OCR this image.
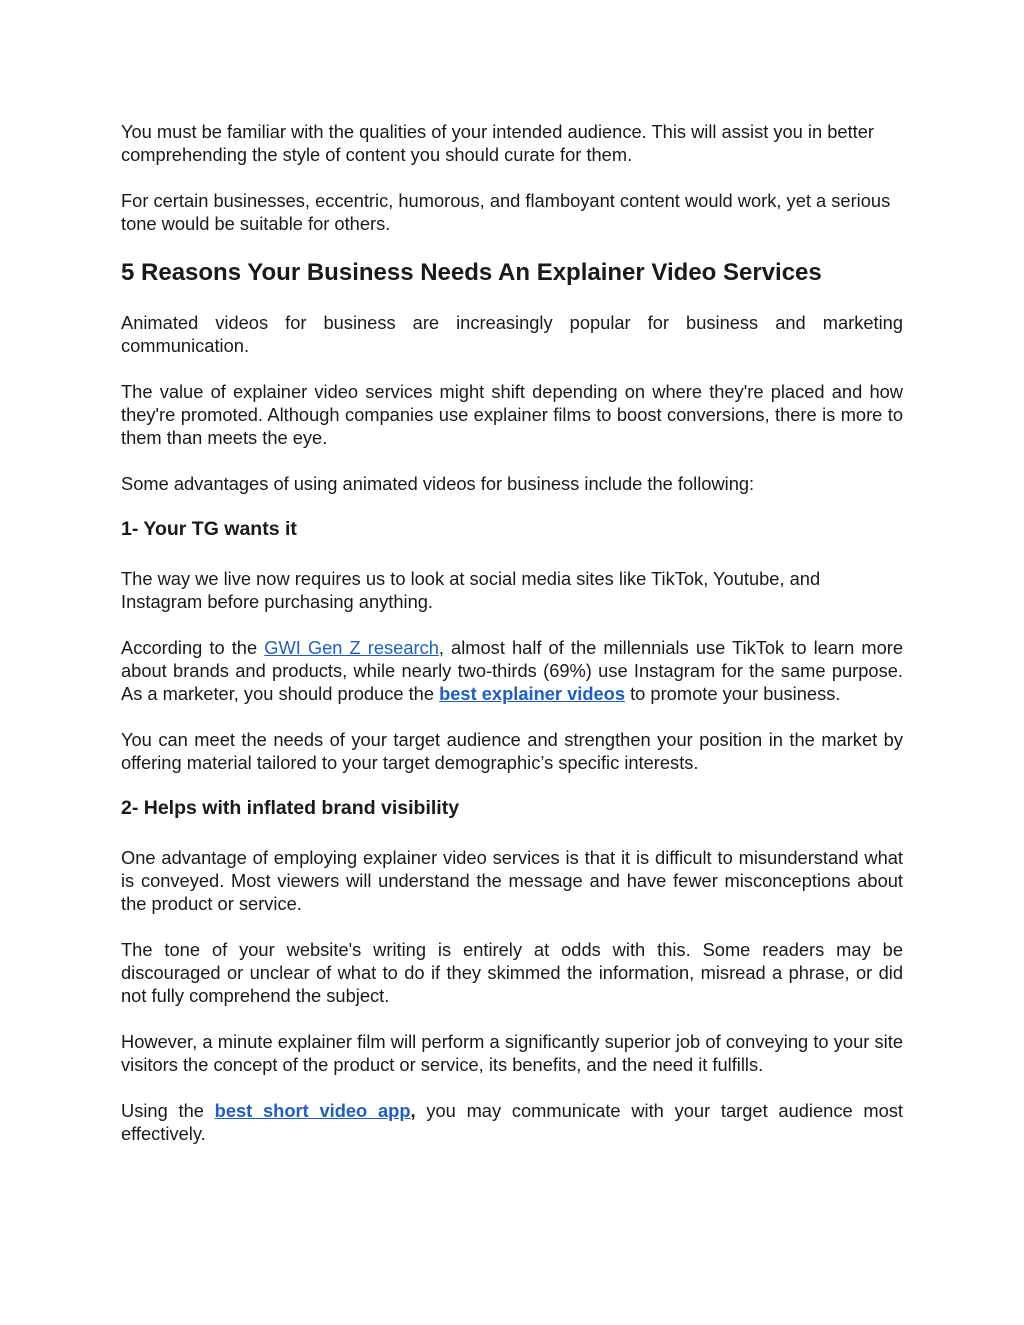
You must be familiar with the qualities of your intended audience. This will assist you in better comprehending the style of content you should curate for them.

For certain businesses, eccentric, humorous, and flamboyant content would work, yet a serious tone would be suitable for others.

5 Reasons Your Business Needs An Explainer Video Services

Animated videos for business are increasingly popular for business and marketing communication.

The value of explainer video services might shift depending on where they're placed and how they're promoted. Although companies use explainer films to boost conversions, there is more to them than meets the eye.

Some advantages of using animated videos for business include the following:

1- Your TG wants it

The way we live now requires us to look at social media sites like TikTok, Youtube, and Instagram before purchasing anything.

According to the GWI Gen Z research, almost half of the millennials use TikTok to learn more about brands and products, while nearly two-thirds (69%) use Instagram for the same purpose. As a marketer, you should produce the best explainer videos to promote your business.

You can meet the needs of your target audience and strengthen your position in the market by offering material tailored to your target demographic’s specific interests.

2- Helps with inflated brand visibility

One advantage of employing explainer video services is that it is difficult to misunderstand what is conveyed. Most viewers will understand the message and have fewer misconceptions about the product or service.

The tone of your website's writing is entirely at odds with this. Some readers may be discouraged or unclear of what to do if they skimmed the information, misread a phrase, or did not fully comprehend the subject.

However, a minute explainer film will perform a significantly superior job of conveying to your site visitors the concept of the product or service, its benefits, and the need it fulfills.

Using the best short video app, you may communicate with your target audience most effectively.
